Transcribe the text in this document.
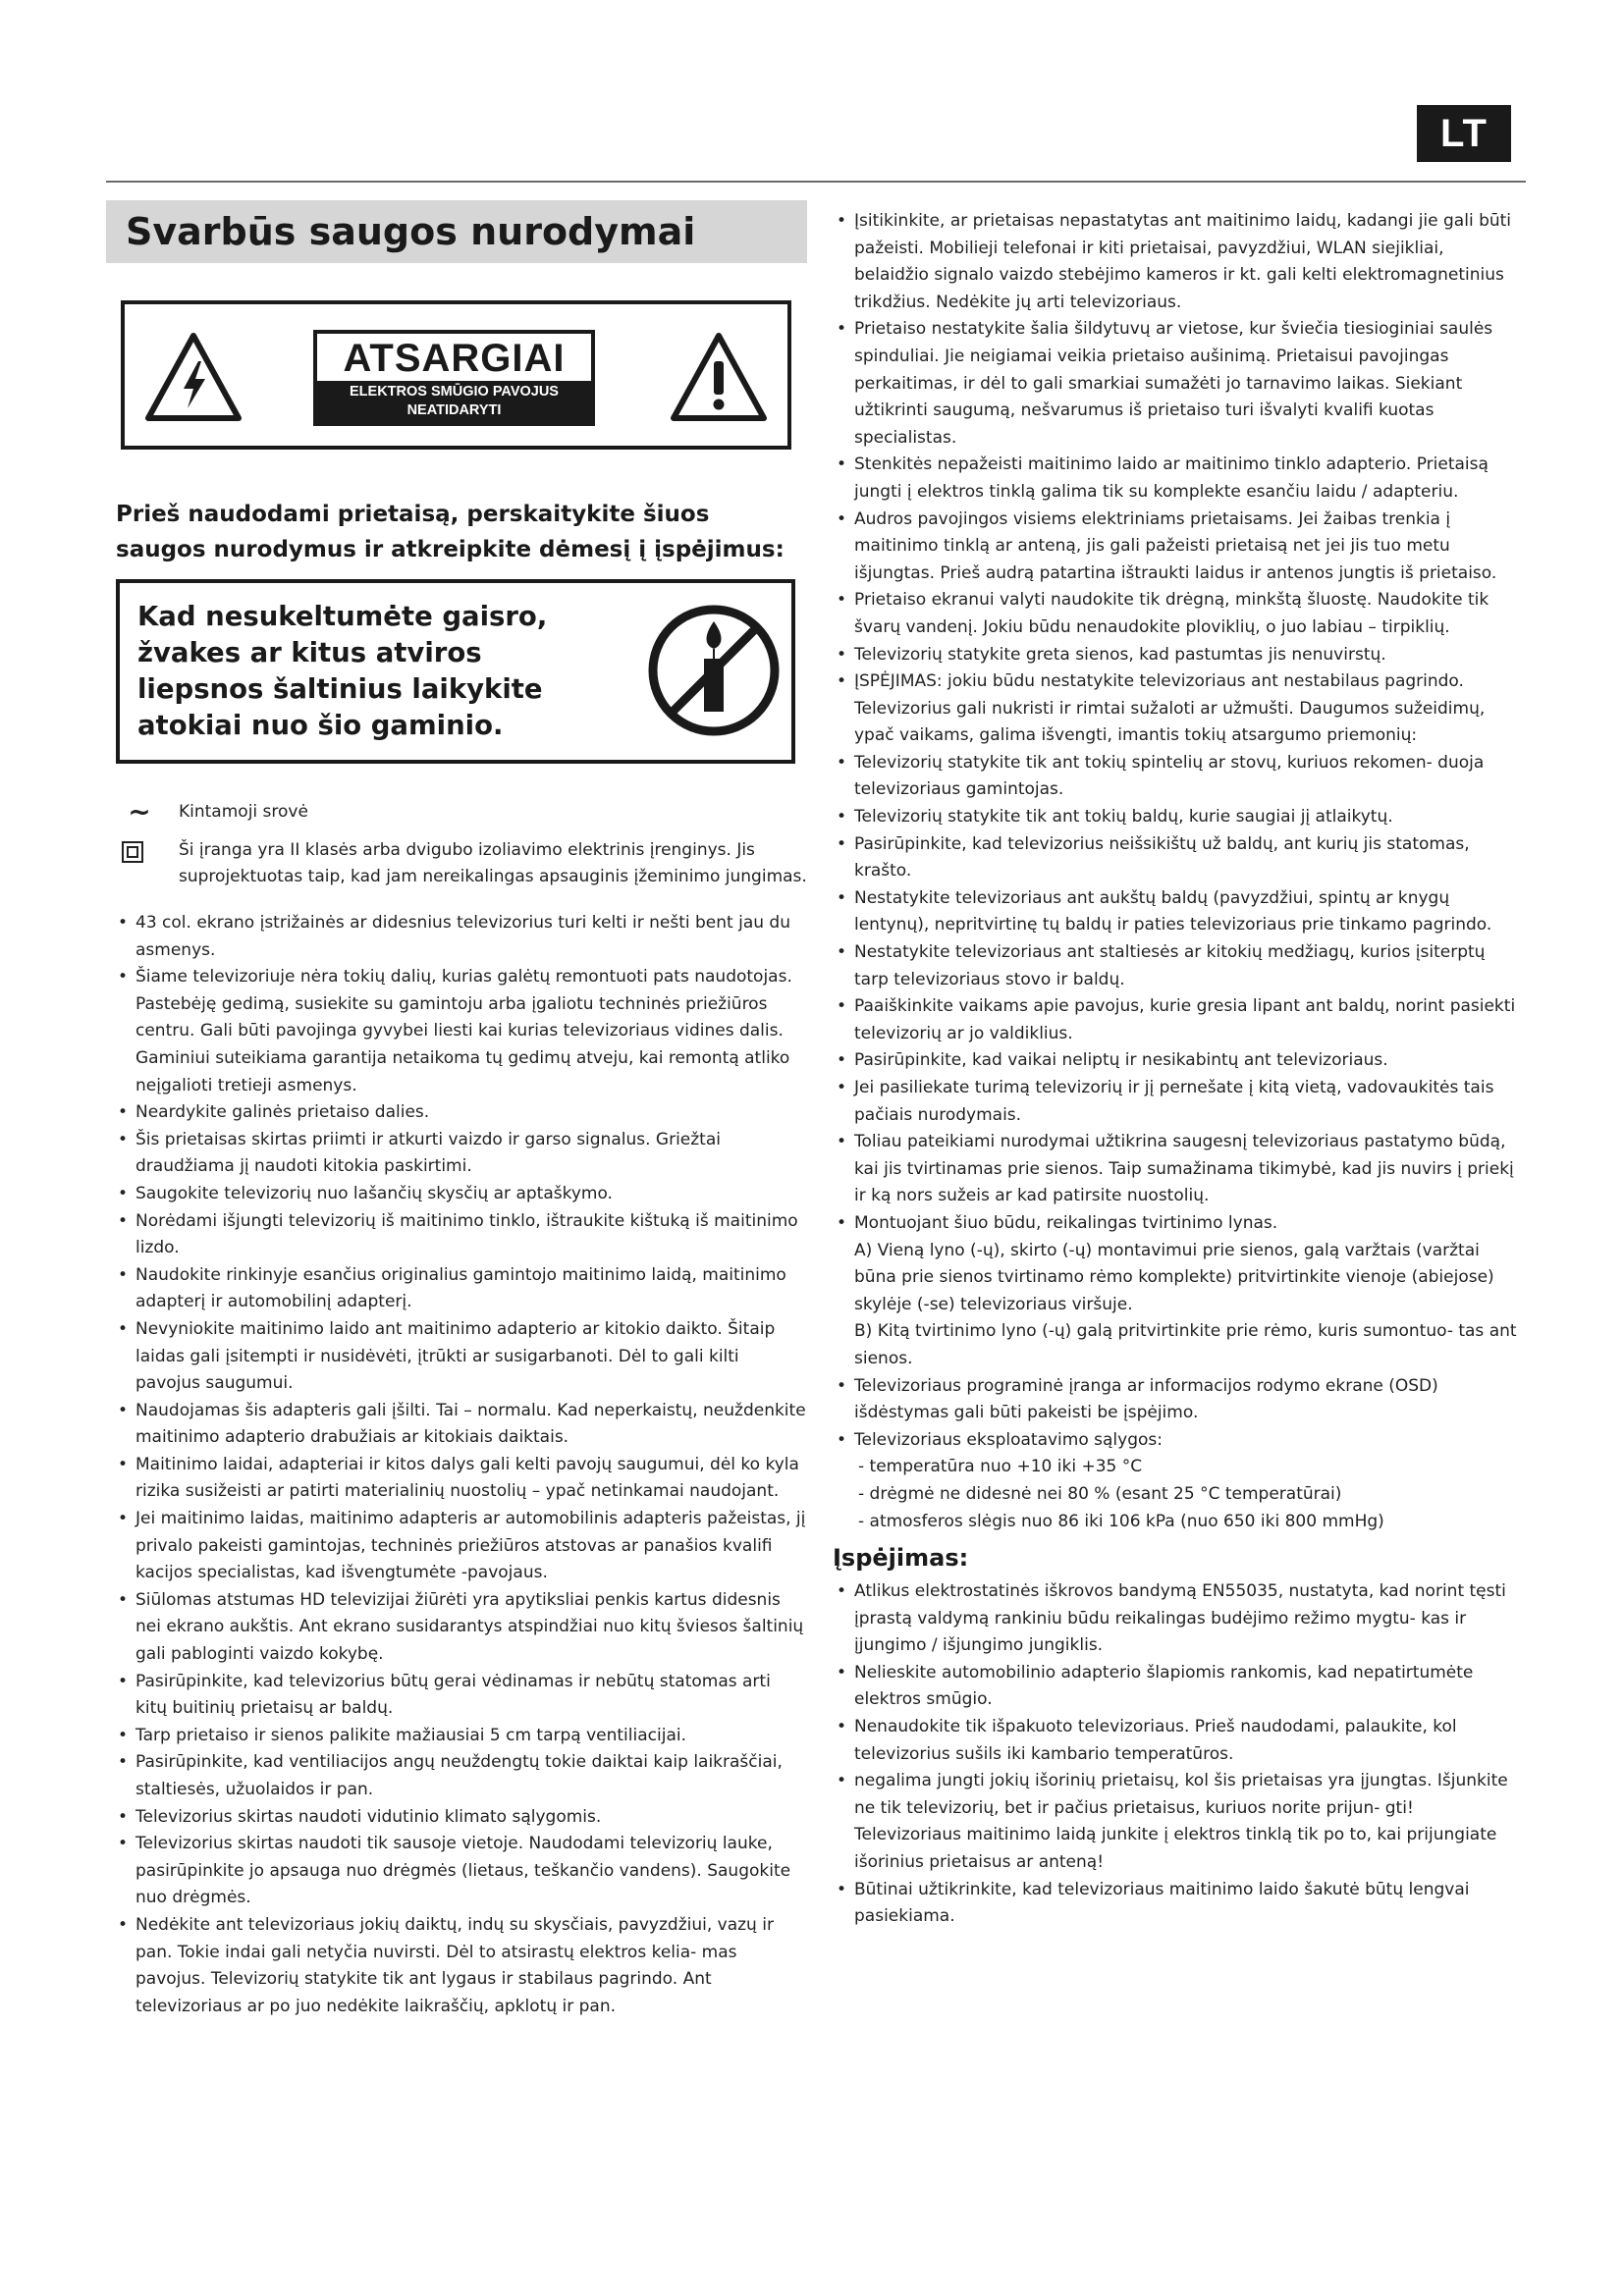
LT
Svarbūs saugos nurodymai
ATSARGIAI
ELEKTROS SMŪGIO PAVOJUS
NEATIDARYTI
Prieš naudodami prietaisą, perskaitykite šiuos
saugos nurodymus ir atkreipkite dėmesį į įspėjimus:
Kad nesukeltumėte gaisro,
žvakes ar kitus atviros
liepsnos šaltinius laikykite
atokiai nuo šio gaminio.
~	Kintamoji srovė
Ši įranga yra II klasės arba dvigubo izoliavimo elektrinis įrenginys. Jis suprojektuotas taip, kad jam nereikalingas apsauginis įžeminimo jungimas.
• 43 col. ekrano įstrižainės ar didesnius televizorius turi kelti ir nešti bent jau du asmenys.
• Šiame televizoriuje nėra tokių dalių, kurias galėtų remontuoti pats naudotojas. Pastebėję gedimą, susiekite su gamintoju arba įgaliotu techninės priežiūros centru. Gali būti pavojinga gyvybei liesti kai kurias televizoriaus vidines dalis. Gaminiui suteikiama garantija netaikoma tų gedimų atveju, kai remontą atliko neįgalioti tretieji asmenys.
• Neardykite galinės prietaiso dalies.
• Šis prietaisas skirtas priimti ir atkurti vaizdo ir garso signalus. Griežtai draudžiama jį naudoti kitokia paskirtimi.
• Saugokite televizorių nuo lašančių skysčių ar aptaškymo.
• Norėdami išjungti televizorių iš maitinimo tinklo, ištraukite kištuką iš maitinimo lizdo.
• Naudokite rinkinyje esančius originalius gamintojo maitinimo laidą, maitinimo adapterį ir automobilinį adapterį.
• Nevyniokite maitinimo laido ant maitinimo adapterio ar kitokio daikto. Šitaip laidas gali įsitempti ir nusidėvėti, įtrūkti ar susigarbanoti. Dėl to gali kilti pavojus saugumui.
• Naudojamas šis adapteris gali įšilti. Tai – normalu. Kad neperkaistų, neuždenkite maitinimo adapterio drabužiais ar kitokiais daiktais.
• Maitinimo laidai, adapteriai ir kitos dalys gali kelti pavojų saugumui, dėl ko kyla rizika susižeisti ar patirti materialinių nuostolių – ypač netinkamai naudojant.
• Jei maitinimo laidas, maitinimo adapteris ar automobilinis adapteris pažeistas, jį privalo pakeisti gamintojas, techninės priežiūros atstovas ar panašios kvalifi kacijos specialistas, kad išvengtumėte -pavojaus.
• Siūlomas atstumas HD televizijai žiūrėti yra apytiksliai penkis kartus didesnis nei ekrano aukštis. Ant ekrano susidarantys atspindžiai nuo kitų šviesos šaltinių gali pabloginti vaizdo kokybę.
• Pasirūpinkite, kad televizorius būtų gerai vėdinamas ir nebūtų statomas arti kitų buitinių prietaisų ar baldų.
• Tarp prietaiso ir sienos palikite mažiausiai 5 cm tarpą ventiliacijai.
• Pasirūpinkite, kad ventiliacijos angų neuždengtų tokie daiktai kaip laikraščiai, staltiesės, užuolaidos ir pan.
• Televizorius skirtas naudoti vidutinio klimato sąlygomis.
• Televizorius skirtas naudoti tik sausoje vietoje. Naudodami televizorių lauke, pasirūpinkite jo apsauga nuo drėgmės (lietaus, teškančio vandens). Saugokite nuo drėgmės.
• Nedėkite ant televizoriaus jokių daiktų, indų su skysčiais, pavyzdžiui, vazų ir pan. Tokie indai gali netyčia nuvirsti. Dėl to atsirastų elektros kelia- mas pavojus. Televizorių statykite tik ant lygaus ir stabilaus pagrindo. Ant televizoriaus ar po juo nedėkite laikraščių, apklotų ir pan.
• Įsitikinkite, ar prietaisas nepastatytas ant maitinimo laidų, kadangi jie gali būti pažeisti. Mobilieji telefonai ir kiti prietaisai, pavyzdžiui, WLAN siejikliai, belaidžio signalo vaizdo stebėjimo kameros ir kt. gali kelti elektromagnetinius trikdžius. Nedėkite jų arti televizoriaus.
• Prietaiso nestatykite šalia šildytuvų ar vietose, kur šviečia tiesioginiai saulės spinduliai. Jie neigiamai veikia prietaiso aušinimą. Prietaisui pavojingas perkaitimas, ir dėl to gali smarkiai sumažėti jo tarnavimo laikas. Siekiant užtikrinti saugumą, nešvarumus iš prietaiso turi išvalyti kvalifi kuotas specialistas.
• Stenkitės nepažeisti maitinimo laido ar maitinimo tinklo adapterio. Prietaisą jungti į elektros tinklą galima tik su komplekte esančiu laidu / adapteriu.
• Audros pavojingos visiems elektriniams prietaisams. Jei žaibas trenkia į maitinimo tinklą ar anteną, jis gali pažeisti prietaisą net jei jis tuo metu išjungtas. Prieš audrą patartina ištraukti laidus ir antenos jungtis iš prietaiso.
• Prietaiso ekranui valyti naudokite tik drėgną, minkštą šluostę. Naudokite tik švarų vandenį. Jokiu būdu nenaudokite ploviklių, o juo labiau – tirpiklių.
• Televizorių statykite greta sienos, kad pastumtas jis nenuvirstų.
• ĮSPĖJIMAS: jokiu būdu nestatykite televizoriaus ant nestabilaus pagrindo. Televizorius gali nukristi ir rimtai sužaloti ar užmušti. Daugumos sužeidimų, ypač vaikams, galima išvengti, imantis tokių atsargumo priemonių:
• Televizorių statykite tik ant tokių spintelių ar stovų, kuriuos rekomen- duoja televizoriaus gamintojas.
• Televizorių statykite tik ant tokių baldų, kurie saugiai jį atlaikytų.
• Pasirūpinkite, kad televizorius neišsikištų už baldų, ant kurių jis statomas, krašto.
• Nestatykite televizoriaus ant aukštų baldų (pavyzdžiui, spintų ar knygų lentynų), nepritvirtinę tų baldų ir paties televizoriaus prie tinkamo pagrindo.
• Nestatykite televizoriaus ant staltiesės ar kitokių medžiagų, kurios įsiterptų tarp televizoriaus stovo ir baldų.
• Paaiškinkite vaikams apie pavojus, kurie gresia lipant ant baldų, norint pasiekti televizorių ar jo valdiklius.
• Pasirūpinkite, kad vaikai neliptų ir nesikabintų ant televizoriaus.
• Jei pasiliekate turimą televizorių ir jį pernešate į kitą vietą, vadovaukitės tais pačiais nurodymais.
• Toliau pateikiami nurodymai užtikrina saugesnį televizoriaus pastatymo būdą, kai jis tvirtinamas prie sienos. Taip sumažinama tikimybė, kad jis nuvirs į priekį ir ką nors sužeis ar kad patirsite nuostolių.
• Montuojant šiuo būdu, reikalingas tvirtinimo lynas.
A) Vieną lyno (-ų), skirto (-ų) montavimui prie sienos, galą varžtais (varžtai būna prie sienos tvirtinamo rėmo komplekte) pritvirtinkite vienoje (abiejose) skylėje (-se) televizoriaus viršuje.
B) Kitą tvirtinimo lyno (-ų) galą pritvirtinkite prie rėmo, kuris sumontuo- tas ant sienos.
• Televizoriaus programinė įranga ar informacijos rodymo ekrane (OSD) išdėstymas gali būti pakeisti be įspėjimo.
• Televizoriaus eksploatavimo sąlygos:
- temperatūra nuo +10 iki +35 °C
- drėgmė ne didesnė nei 80 % (esant 25 °C temperatūrai)
- atmosferos slėgis nuo 86 iki 106 kPa (nuo 650 iki 800 mmHg)
Įspėjimas:
• Atlikus elektrostatinės iškrovos bandymą EN55035, nustatyta, kad norint tęsti įprastą valdymą rankiniu būdu reikalingas budėjimo režimo mygtu- kas ir įjungimo / išjungimo jungiklis.
• Nelieskite automobilinio adapterio šlapiomis rankomis, kad nepatirtumėte elektros smūgio.
• Nenaudokite tik išpakuoto televizoriaus. Prieš naudodami, palaukite, kol televizorius sušils iki kambario temperatūros.
• negalima jungti jokių išorinių prietaisų, kol šis prietaisas yra įjungtas. Išjunkite ne tik televizorių, bet ir pačius prietaisus, kuriuos norite prijun- gti! Televizoriaus maitinimo laidą junkite į elektros tinklą tik po to, kai prijungiate išorinius prietaisus ar anteną!
• Būtinai užtikrinkite, kad televizoriaus maitinimo laido šakutė būtų lengvai pasiekiama.
